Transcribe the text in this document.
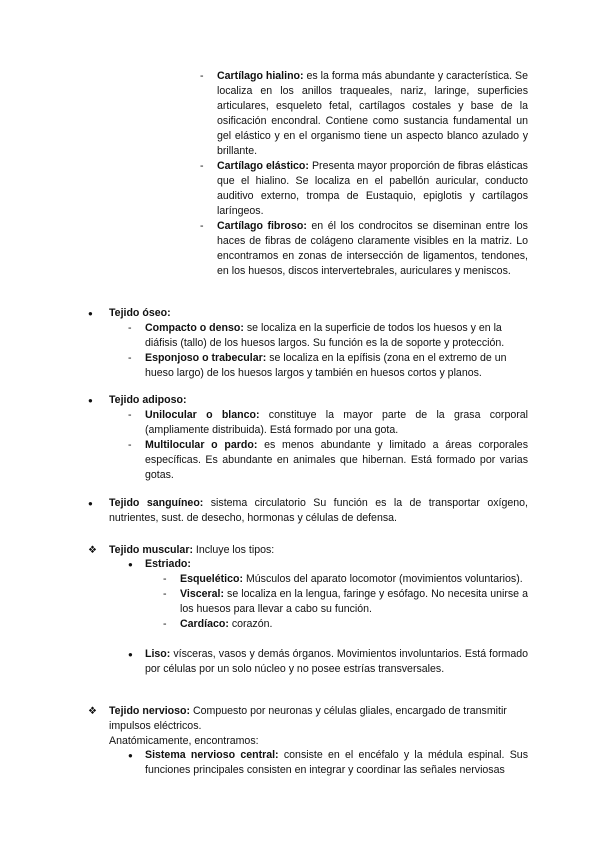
- Cartílago hialino: es la forma más abundante y característica. Se localiza en los anillos traqueales, nariz, laringe, superficies articulares, esqueleto fetal, cartílagos costales y base de la osificación encondral. Contiene como sustancia fundamental un gel elástico y en el organismo tiene un aspecto blanco azulado y brillante.
- Cartílago elástico: Presenta mayor proporción de fibras elásticas que el hialino. Se localiza en el pabellón auricular, conducto auditivo externo, trompa de Eustaquio, epiglotis y cartílagos laríngeos.
- Cartílago fibroso: en él los condrocitos se diseminan entre los haces de fibras de colágeno claramente visibles en la matriz. Lo encontramos en zonas de intersección de ligamentos, tendones, en los huesos, discos intervertebrales, auriculares y meniscos.
● Tejido óseo:
- Compacto o denso: se localiza en la superficie de todos los huesos y en la diáfisis (tallo) de los huesos largos. Su función es la de soporte y protección.
- Esponjoso o trabecular: se localiza en la epífisis (zona en el extremo de un hueso largo) de los huesos largos y también en huesos cortos y planos.
● Tejido adiposo:
- Unilocular o blanco: constituye la mayor parte de la grasa corporal (ampliamente distribuida). Está formado por una gota.
- Multilocular o pardo: es menos abundante y limitado a áreas corporales específicas. Es abundante en animales que hibernan. Está formado por varias gotas.
● Tejido sanguíneo: sistema circulatorio Su función es la de transportar oxígeno, nutrientes, sust. de desecho, hormonas y células de defensa.
❖ Tejido muscular: Incluye los tipos:
● Estriado:
- Esquelético: Músculos del aparato locomotor (movimientos voluntarios).
- Visceral: se localiza en la lengua, faringe y esófago. No necesita unirse a los huesos para llevar a cabo su función.
- Cardíaco: corazón.
● Liso: vísceras, vasos y demás órganos. Movimientos involuntarios. Está formado por células por un solo núcleo y no posee estrías transversales.
❖ Tejido nervioso: Compuesto por neuronas y células gliales, encargado de transmitir impulsos eléctricos.
Anatómicamente, encontramos:
● Sistema nervioso central: consiste en el encéfalo y la médula espinal. Sus funciones principales consisten en integrar y coordinar las señales nerviosas
